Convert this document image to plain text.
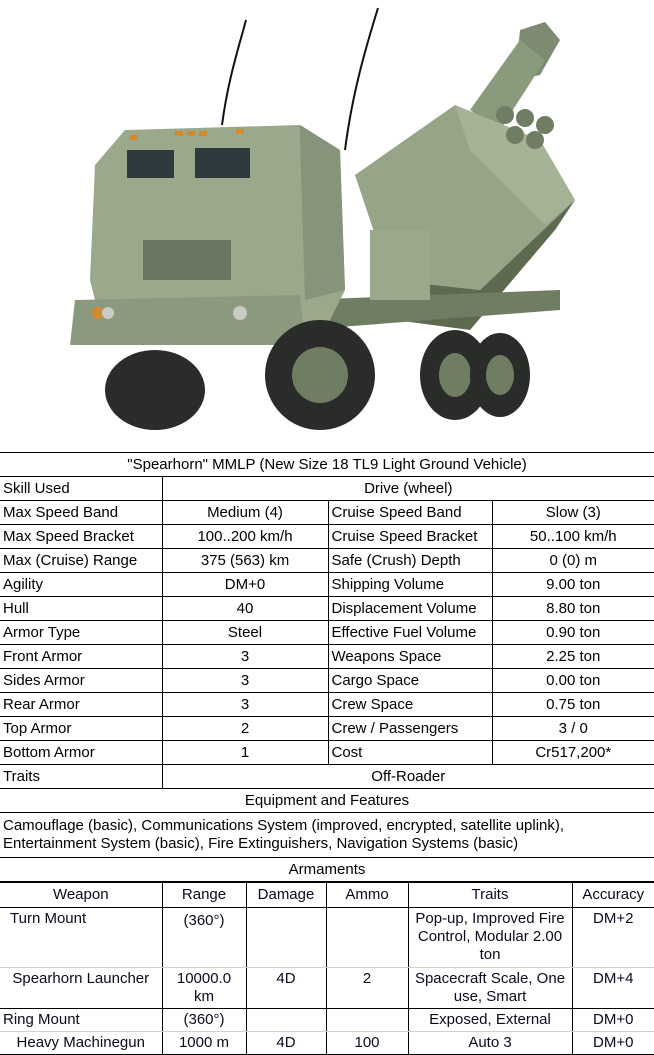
"Spearhorn" MMLP (New Size 18 TL9 Light Ground Vehicle)			
Skill Used	Drive (wheel)		
Max Speed Band	Medium (4)	Cruise Speed Band	Slow (3)
Max Speed Bracket	100..200 km/h	Cruise Speed Bracket	50..100 km/h
Max (Cruise) Range	375 (563) km	Safe (Crush) Depth	0 (0) m
Agility	DM+0	Shipping Volume	9.00 ton
Hull	40	Displacement Volume	8.80 ton
Armor Type	Steel	Effective Fuel Volume	0.90 ton
Front Armor	3	Weapons Space	2.25 ton
Sides Armor	3	Cargo Space	0.00 ton
Rear Armor	3	Crew Space	0.75 ton
Top Armor	2	Crew / Passengers	3 / 0
Bottom Armor	1	Cost	Cr517,200*
Traits	Off-Roader		
Equipment and Features			
Camouflage (basic), Communications System (improved, encrypted, satellite uplink), Entertainment System (basic), Fire Extinguishers, Navigation Systems (basic)			
Armaments			
Weapon	Range	Damage	Ammo	Traits	Accuracy
Turn Mount	(360°)			Pop-up, Improved Fire Control, Modular 2.00 ton	DM+2
Spearhorn Launcher	10000.0 km	4D	2	Spacecraft Scale, One use, Smart	DM+4
Ring Mount	(360°)			Exposed, External	DM+0
Heavy Machinegun	1000 m	4D	100	Auto 3	DM+0
